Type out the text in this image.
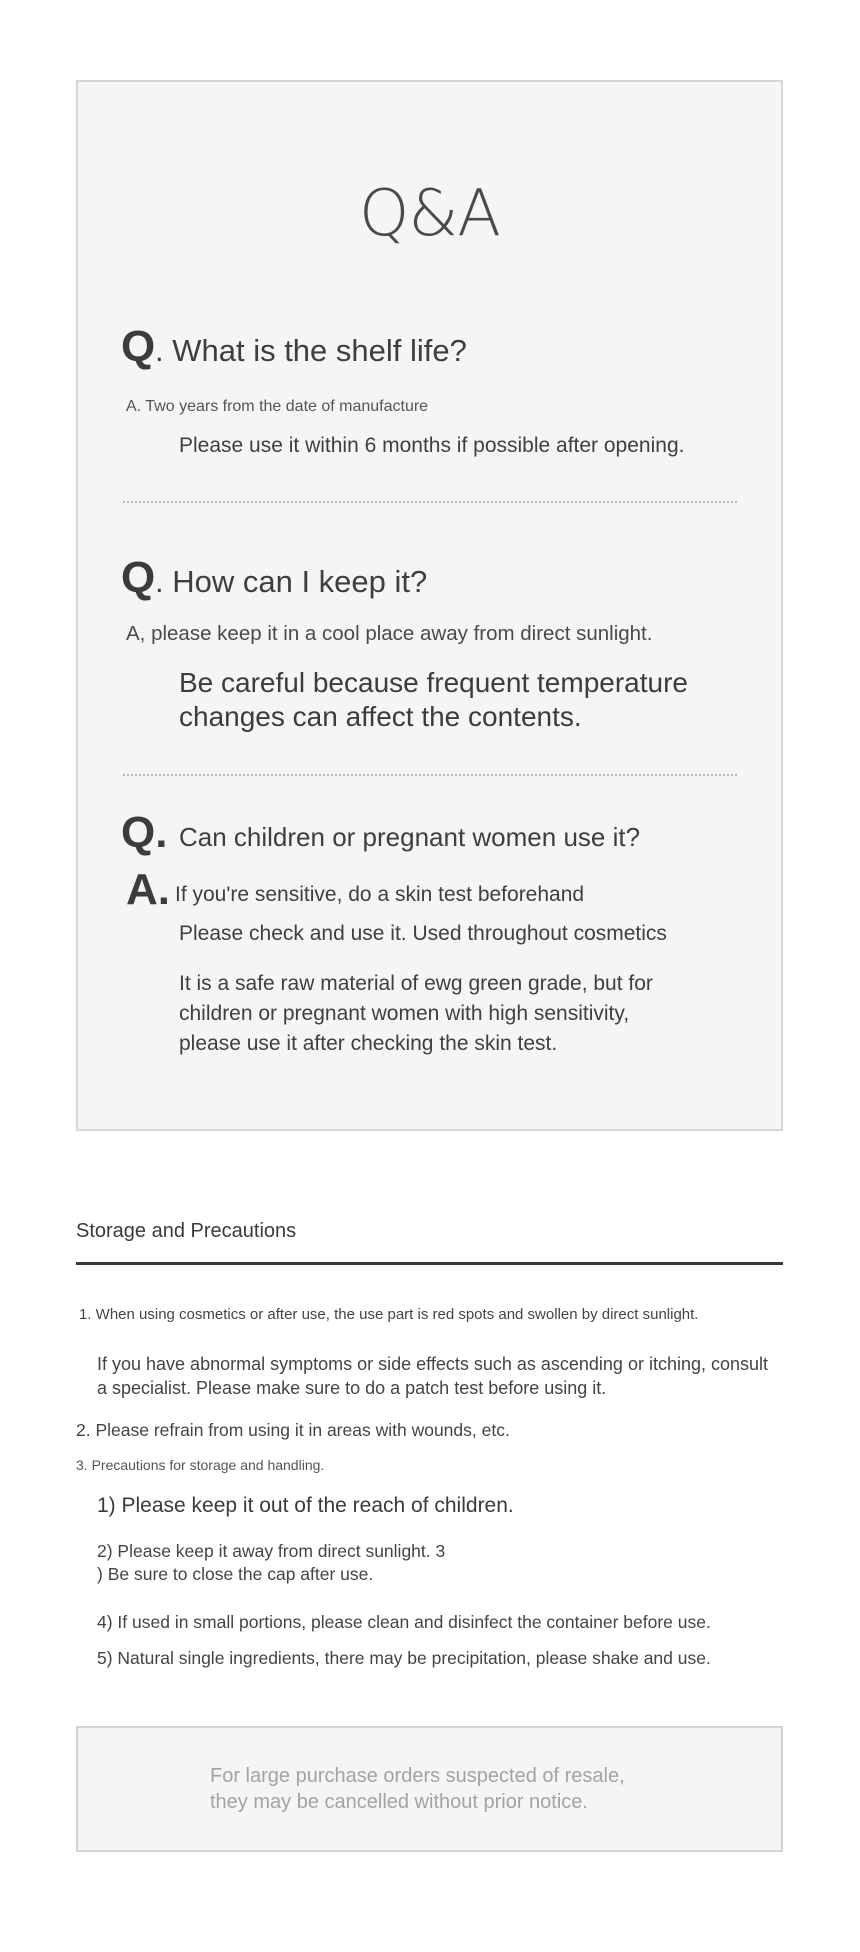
Q&A
Q . What is the shelf life?
A. Two years from the date of manufacture
Please use it within 6 months if possible after opening.
Q . How can I keep it?
A, please keep it in a cool place away from direct sunlight.
Be careful because frequent temperature changes can affect the contents.
Q. Can children or pregnant women use it?
A. If you're sensitive, do a skin test beforehand
Please check and use it. Used throughout cosmetics
It is a safe raw material of ewg green grade, but for children or pregnant women with high sensitivity, please use it after checking the skin test.
Storage and Precautions
1. When using cosmetics or after use, the use part is red spots and swollen by direct sunlight.
If you have abnormal symptoms or side effects such as ascending or itching, consult a specialist. Please make sure to do a patch test before using it.
2. Please refrain from using it in areas with wounds, etc.
3. Precautions for storage and handling.
1) Please keep it out of the reach of children.
2) Please keep it away from direct sunlight. 3
) Be sure to close the cap after use.
4) If used in small portions, please clean and disinfect the container before use.
5) Natural single ingredients, there may be precipitation, please shake and use.
For large purchase orders suspected of resale,
they may be cancelled without prior notice.
